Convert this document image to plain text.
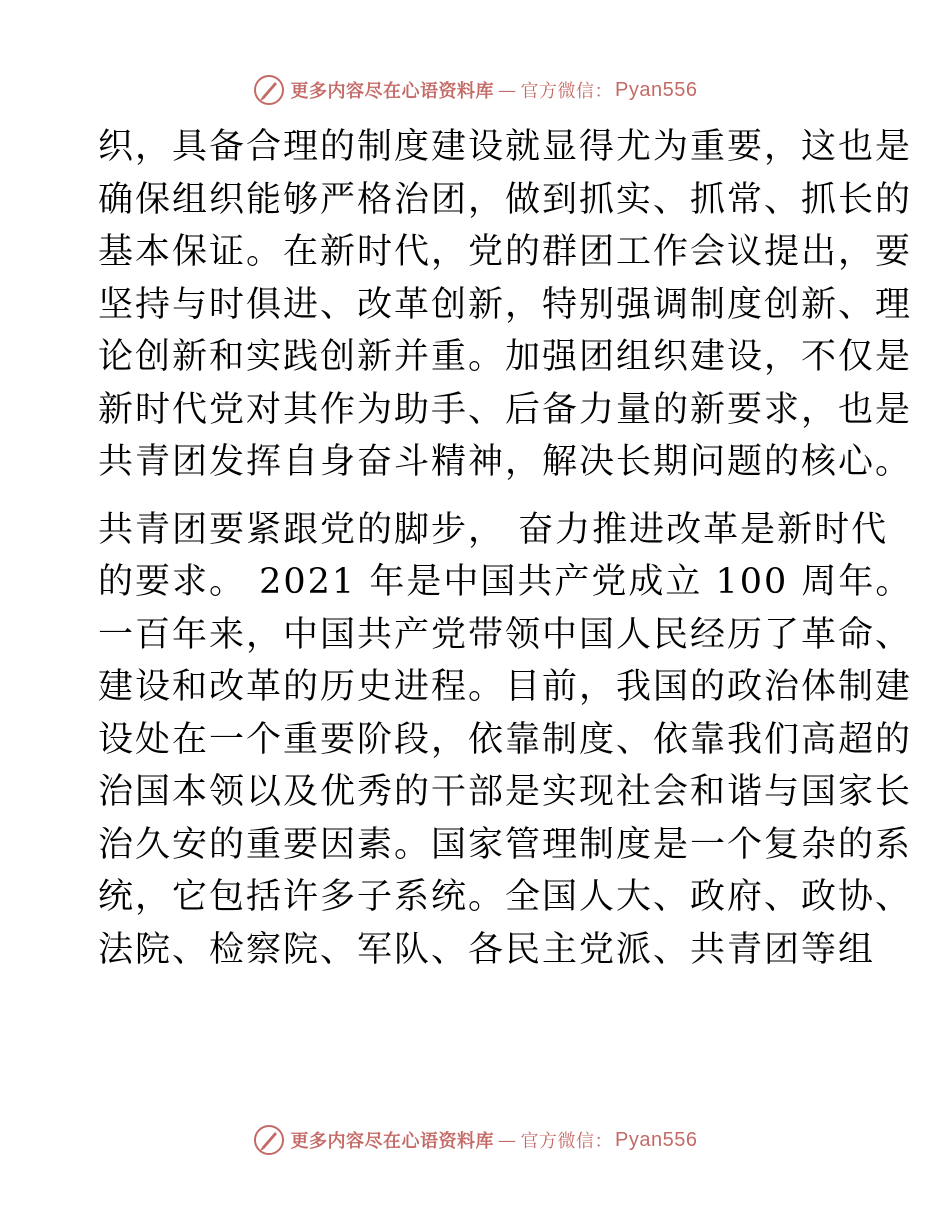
更多内容尽在心语资料库 — 官方微信： Pyan556
织，具备合理的制度建设就显得尤为重要，这也是
确保组织能够严格治团，做到抓实、抓常、抓长的
基本保证。在新时代，党的群团工作会议提出，要
坚持与时俱进、改革创新，特别强调制度创新、理
论创新和实践创新并重。加强团组织建设，不仅是
新时代党对其作为助手、后备力量的新要求，也是
共青团发挥自身奋斗精神，解决长期问题的核心。
共青团要紧跟党的脚步， 奋力推进改革是新时代
的要求。 2021 年是中国共产党成立 100 周年。
一百年来，中国共产党带领中国人民经历了革命、
建设和改革的历史进程。目前，我国的政治体制建
设处在一个重要阶段，依靠制度、依靠我们高超的
治国本领以及优秀的干部是实现社会和谐与国家长
治久安的重要因素。国家管理制度是一个复杂的系
统，它包括许多子系统。全国人大、政府、政协、
法院、检察院、军队、各民主党派、共青团等组
更多内容尽在心语资料库 — 官方微信： Pyan556
